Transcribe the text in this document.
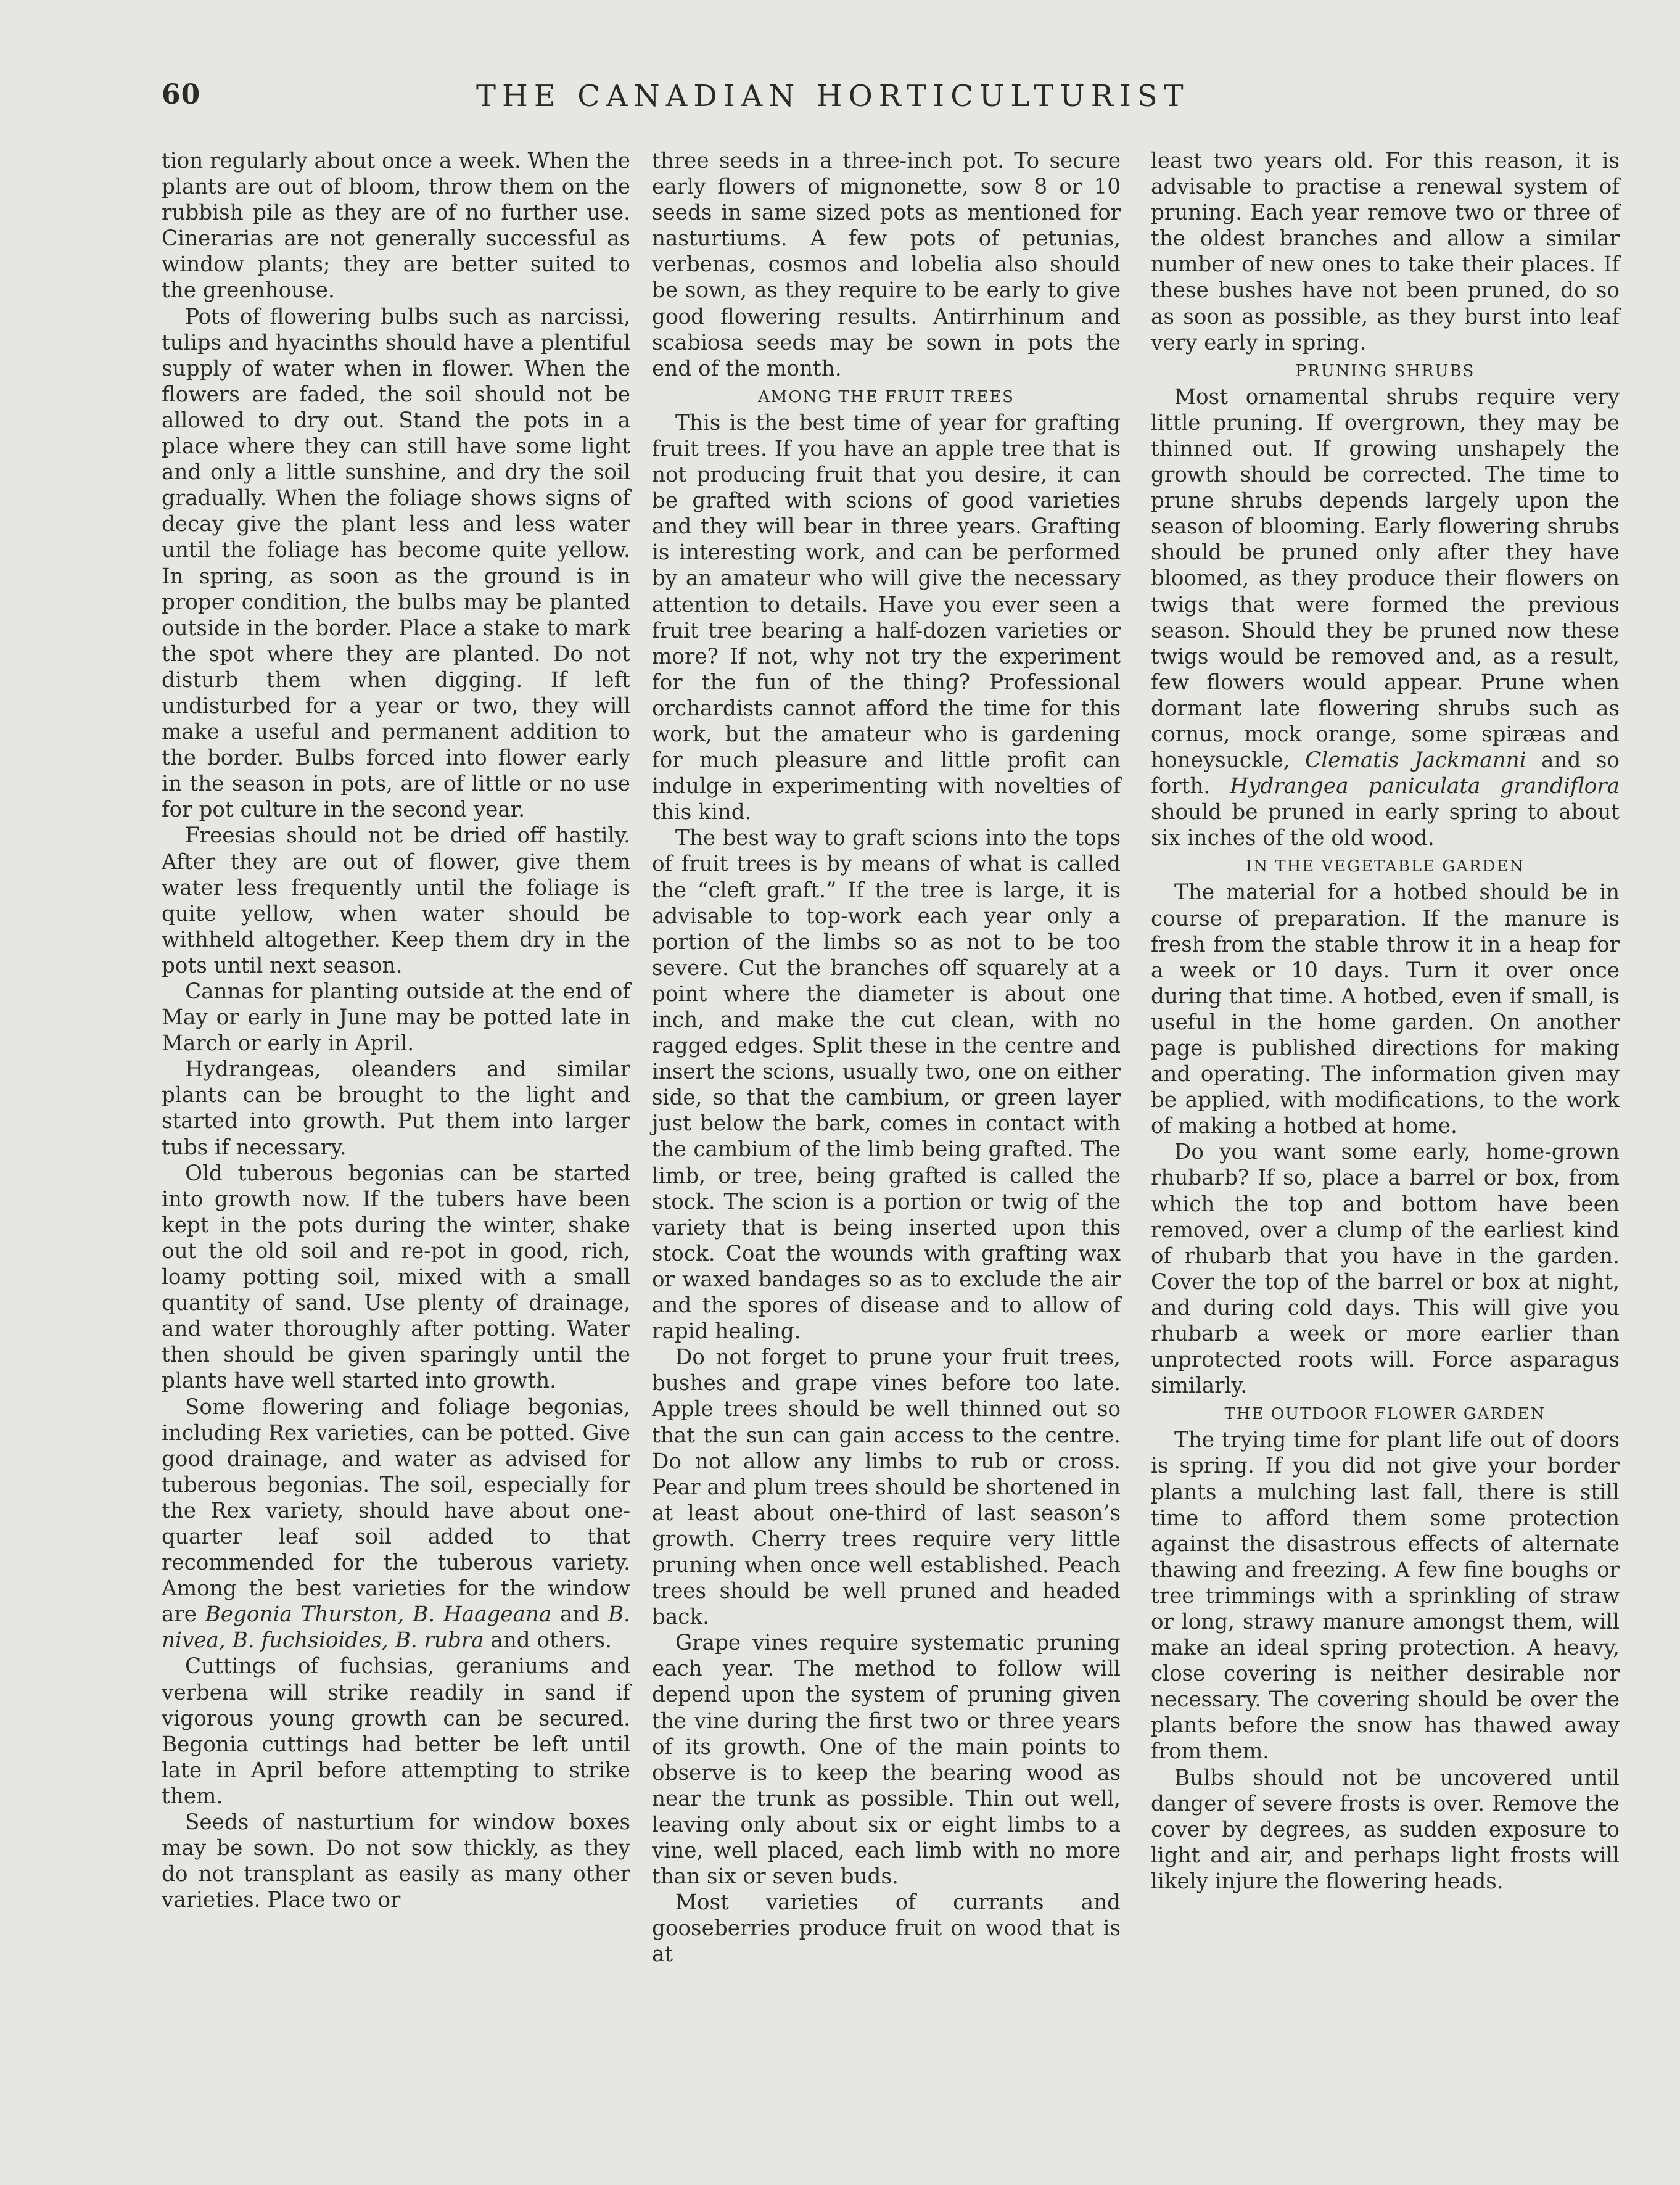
60	THE CANADIAN HORTICULTURIST

tion regularly about once a week. When the plants are out of bloom, throw them on the rubbish pile as they are of no further use. Cinerarias are not generally successful as window plants; they are better suited to the greenhouse.

Pots of flowering bulbs such as narcissi, tulips and hyacinths should have a plentiful supply of water when in flower. When the flowers are faded, the soil should not be allowed to dry out. Stand the pots in a place where they can still have some light and only a little sunshine, and dry the soil gradually. When the foliage shows signs of decay give the plant less and less water until the foliage has become quite yellow. In spring, as soon as the ground is in proper condition, the bulbs may be planted outside in the border. Place a stake to mark the spot where they are planted. Do not disturb them when digging. If left undisturbed for a year or two, they will make a useful and permanent addition to the border. Bulbs forced into flower early in the season in pots, are of little or no use for pot culture in the second year.

Freesias should not be dried off hastily. After they are out of flower, give them water less frequently until the foliage is quite yellow, when water should be withheld altogether. Keep them dry in the pots until next season.

Cannas for planting outside at the end of May or early in June may be potted late in March or early in April.

Hydrangeas, oleanders and similar plants can be brought to the light and started into growth. Put them into larger tubs if necessary.

Old tuberous begonias can be started into growth now. If the tubers have been kept in the pots during the winter, shake out the old soil and re-pot in good, rich, loamy potting soil, mixed with a small quantity of sand. Use plenty of drainage, and water thoroughly after potting. Water then should be given sparingly until the plants have well started into growth.

Some flowering and foliage begonias, including Rex varieties, can be potted. Give good drainage, and water as advised for tuberous begonias. The soil, especially for the Rex variety, should have about one-quarter leaf soil added to that recommended for the tuberous variety. Among the best varieties for the window are Begonia Thurston, B. Haageana and B. nivea, B. fuchsioides, B. rubra and others.

Cuttings of fuchsias, geraniums and verbena will strike readily in sand if vigorous young growth can be secured. Begonia cuttings had better be left until late in April before attempting to strike them.

Seeds of nasturtium for window boxes may be sown. Do not sow thickly, as they do not transplant as easily as many other varieties. Place two or

three seeds in a three-inch pot. To secure early flowers of mignonette, sow 8 or 10 seeds in same sized pots as mentioned for nasturtiums. A few pots of petunias, verbenas, cosmos and lobelia also should be sown, as they require to be early to give good flowering results. Antirrhinum and scabiosa seeds may be sown in pots the end of the month.

AMONG THE FRUIT TREES

This is the best time of year for grafting fruit trees. If you have an apple tree that is not producing fruit that you desire, it can be grafted with scions of good varieties and they will bear in three years. Grafting is interesting work, and can be performed by an amateur who will give the necessary attention to details. Have you ever seen a fruit tree bearing a half-dozen varieties or more? If not, why not try the experiment for the fun of the thing? Professional orchardists cannot afford the time for this work, but the amateur who is gardening for much pleasure and little profit can indulge in experimenting with novelties of this kind.

The best way to graft scions into the tops of fruit trees is by means of what is called the “cleft graft.” If the tree is large, it is advisable to top-work each year only a portion of the limbs so as not to be too severe. Cut the branches off squarely at a point where the diameter is about one inch, and make the cut clean, with no ragged edges. Split these in the centre and insert the scions, usually two, one on either side, so that the cambium, or green layer just below the bark, comes in contact with the cambium of the limb being grafted. The limb, or tree, being grafted is called the stock. The scion is a portion or twig of the variety that is being inserted upon this stock. Coat the wounds with grafting wax or waxed bandages so as to exclude the air and the spores of disease and to allow of rapid healing.

Do not forget to prune your fruit trees, bushes and grape vines before too late. Apple trees should be well thinned out so that the sun can gain access to the centre. Do not allow any limbs to rub or cross. Pear and plum trees should be shortened in at least about one-third of last season’s growth. Cherry trees require very little pruning when once well established. Peach trees should be well pruned and headed back.

Grape vines require systematic pruning each year. The method to follow will depend upon the system of pruning given the vine during the first two or three years of its growth. One of the main points to observe is to keep the bearing wood as near the trunk as possible. Thin out well, leaving only about six or eight limbs to a vine, well placed, each limb with no more than six or seven buds.

Most varieties of currants and gooseberries produce fruit on wood that is at

least two years old. For this reason, it is advisable to practise a renewal system of pruning. Each year remove two or three of the oldest branches and allow a similar number of new ones to take their places. If these bushes have not been pruned, do so as soon as possible, as they burst into leaf very early in spring.

PRUNING SHRUBS

Most ornamental shrubs require very little pruning. If overgrown, they may be thinned out. If growing unshapely the growth should be corrected. The time to prune shrubs depends largely upon the season of blooming. Early flowering shrubs should be pruned only after they have bloomed, as they produce their flowers on twigs that were formed the previous season. Should they be pruned now these twigs would be removed and, as a result, few flowers would appear. Prune when dormant late flowering shrubs such as cornus, mock orange, some spiræas and honeysuckle, Clematis Jackmanni and so forth. Hydrangea paniculata grandiflora should be pruned in early spring to about six inches of the old wood.

IN THE VEGETABLE GARDEN

The material for a hotbed should be in course of preparation. If the manure is fresh from the stable throw it in a heap for a week or 10 days. Turn it over once during that time. A hotbed, even if small, is useful in the home garden. On another page is published directions for making and operating. The information given may be applied, with modifications, to the work of making a hotbed at home.

Do you want some early, home-grown rhubarb? If so, place a barrel or box, from which the top and bottom have been removed, over a clump of the earliest kind of rhubarb that you have in the garden. Cover the top of the barrel or box at night, and during cold days. This will give you rhubarb a week or more earlier than unprotected roots will. Force asparagus similarly.

THE OUTDOOR FLOWER GARDEN

The trying time for plant life out of doors is spring. If you did not give your border plants a mulching last fall, there is still time to afford them some protection against the disastrous effects of alternate thawing and freezing. A few fine boughs or tree trimmings with a sprinkling of straw or long, strawy manure amongst them, will make an ideal spring protection. A heavy, close covering is neither desirable nor necessary. The covering should be over the plants before the snow has thawed away from them.

Bulbs should not be uncovered until danger of severe frosts is over. Remove the cover by degrees, as sudden exposure to light and air, and perhaps light frosts will likely injure the flowering heads.
